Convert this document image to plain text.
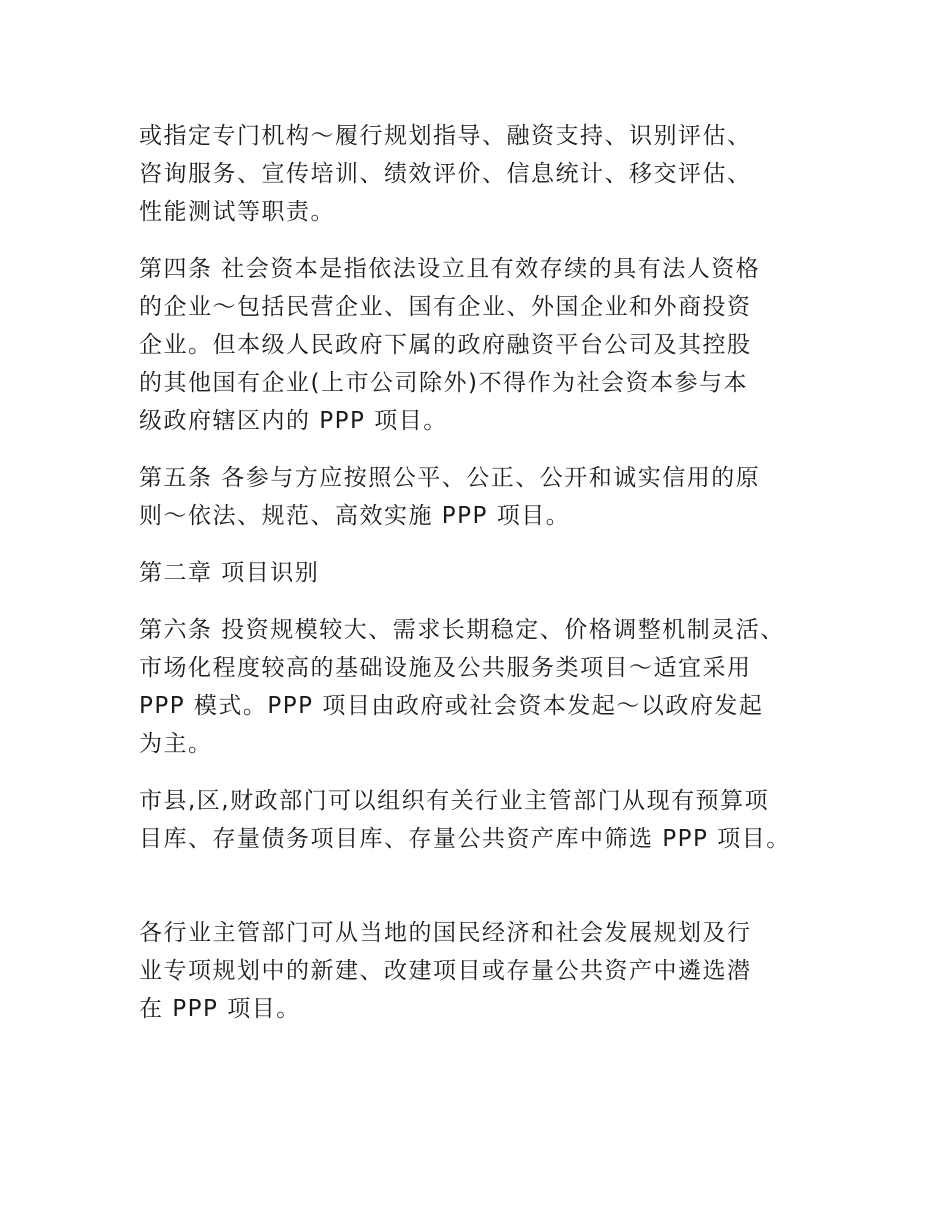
或指定专门机构～履行规划指导、融资支持、识别评估、
咨询服务、宣传培训、绩效评价、信息统计、移交评估、
性能测试等职责。

第四条 社会资本是指依法设立且有效存续的具有法人资格
的企业～包括民营企业、国有企业、外国企业和外商投资
企业。但本级人民政府下属的政府融资平台公司及其控股
的其他国有企业(上市公司除外)不得作为社会资本参与本
级政府辖区内的 PPP 项目。

第五条 各参与方应按照公平、公正、公开和诚实信用的原
则～依法、规范、高效实施 PPP 项目。

第二章 项目识别

第六条 投资规模较大、需求长期稳定、价格调整机制灵活、
市场化程度较高的基础设施及公共服务类项目～适宜采用
PPP 模式。PPP 项目由政府或社会资本发起～以政府发起
为主。

市县,区,财政部门可以组织有关行业主管部门从现有预算项
目库、存量债务项目库、存量公共资产库中筛选 PPP 项目。

各行业主管部门可从当地的国民经济和社会发展规划及行
业专项规划中的新建、改建项目或存量公共资产中遴选潜
在 PPP 项目。
